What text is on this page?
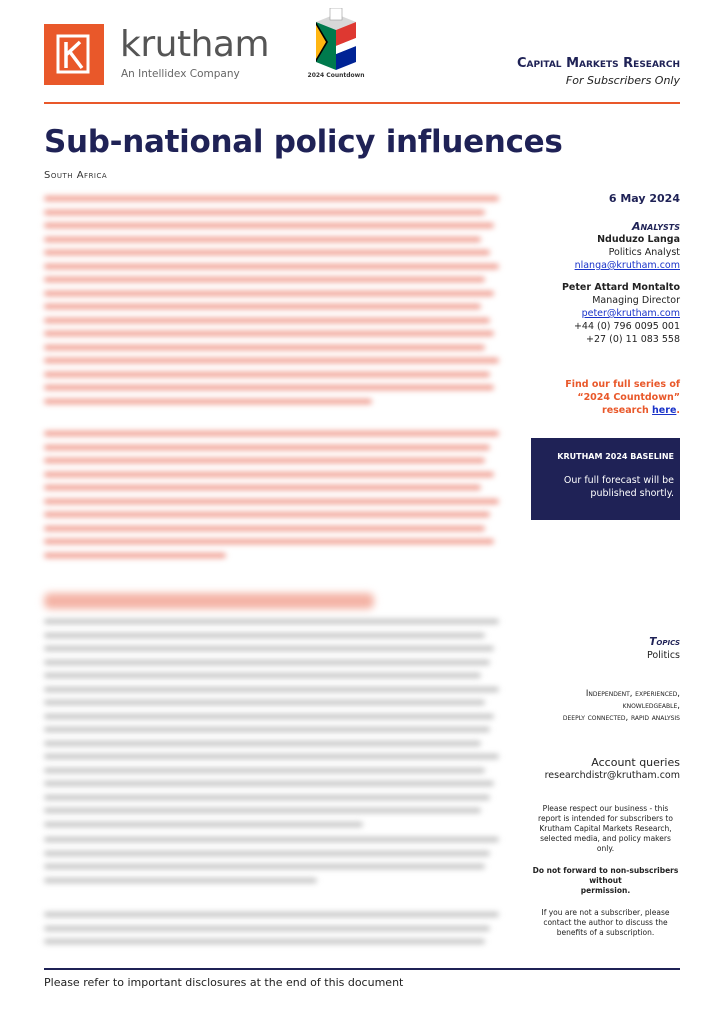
krutham
An Intellidex Company	2024 Countdown
Capital Markets Research
For Subscribers Only
Sub-national policy influences
South Africa
6 May 2024
Analysts
Nduduzo Langa
Politics Analyst
nlanga@krutham.com
Peter Attard Montalto
Managing Director
peter@krutham.com
+44 (0) 796 0095 001
+27 (0) 11 083 558
Find our full series of “2024 Countdown” research here.
KRUTHAM 2024 BASELINE
Our full forecast will be published shortly.
Topics
Politics
Independent, experienced,
knowledgeable,
deeply connected, rapid analysis
Account queries
researchdistr@krutham.com
Please respect our business - this report is intended for subscribers to Krutham Capital Markets Research, selected media, and policy makers only.
Do not forward to non-subscribers
without
permission.
If you are not a subscriber, please contact the author to discuss the benefits of a subscription.
Please refer to important disclosures at the end of this document
